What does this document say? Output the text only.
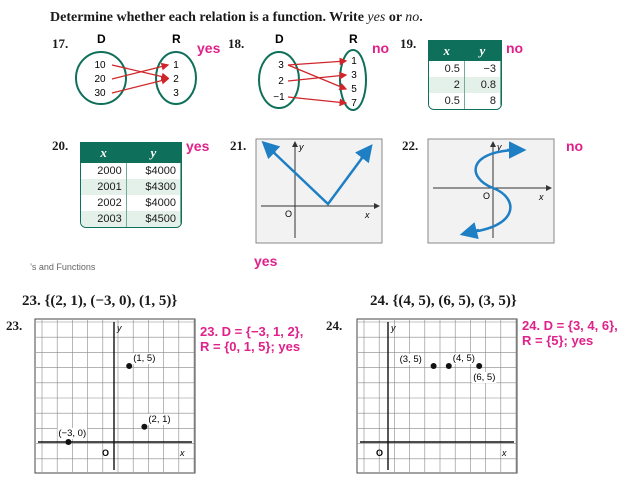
Determine whether each relation is a function. Write yes or no.
17. D	R
10
20
30
1
2
3
yes 18.	D	R
3
2
−1
1
3
5
7
no 19. x	y
0.5	−3
2	0.8
0.5	8
no
20. x	y
2000	$4000
2001	$4300
2002	$4000
2003	$4500
yes
’s and Functions
21.	y
x
O
yes
22.	y
x
O
no
23. {(2, 1), (−3, 0), (1, 5)}
23.	y
x
O
(1, 5)
(2, 1)
(−3, 0)
23. D = {−3, 1, 2},
R = {0, 1, 5}; yes
24. {(4, 5), (6, 5), (3, 5)}
24.	y
x
O
(3, 5)	(4, 5)
(6, 5)
24. D = {3, 4, 6},
R = {5}; yes
